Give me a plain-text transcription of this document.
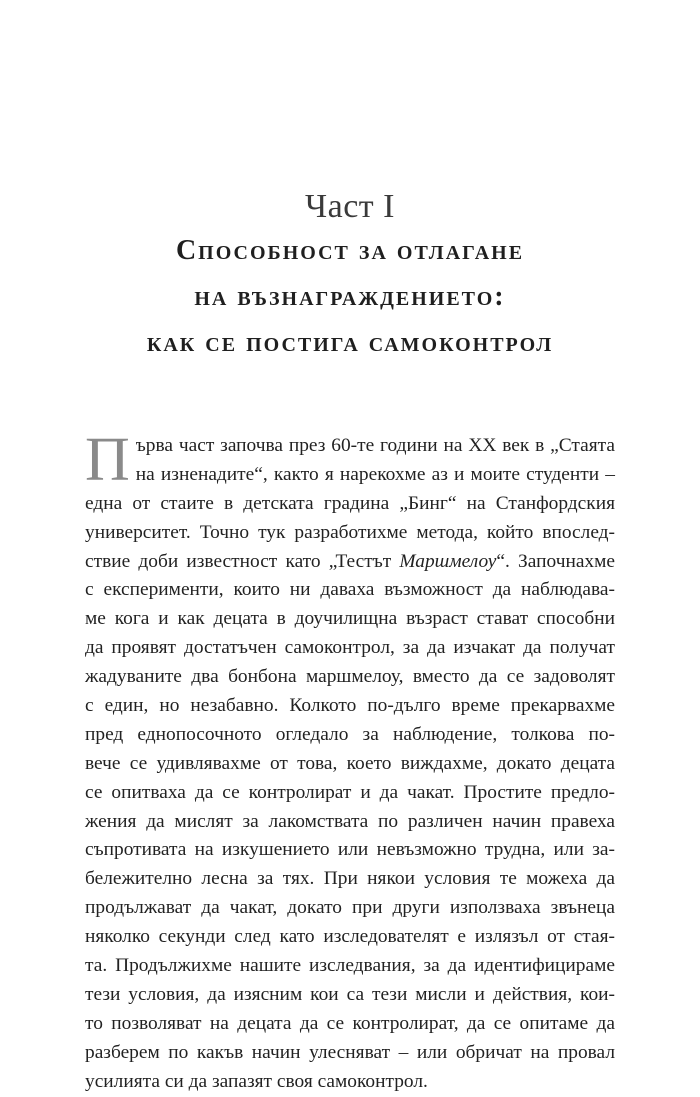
Част I
Способност за отлагане
на възнаграждението:
как се постига самоконтрол
П ърва част започва през 60-те години на XX век в „Стаята
на изненадите“, както я нарекохме аз и моите студенти –
една от стаите в детската градина „Бинг“ на Станфордския
университет. Точно тук разработихме метода, който впослед-
ствие доби известност като „Тестът Маршмелоу“. Започнахме
с експерименти, които ни даваха възможност да наблюдава-
ме кога и как децата в доучилищна възраст стават способни
да проявят достатъчен самоконтрол, за да изчакат да получат
жадуваните два бонбона маршмелоу, вместо да се задоволят
с един, но незабавно. Колкото по-дълго време прекарвахме
пред еднопосочното огледало за наблюдение, толкова по-
вече се удивлявахме от това, което виждахме, докато децата
се опитваха да се контролират и да чакат. Простите предло-
жения да мислят за лакомствата по различен начин правеха
съпротивата на изкушението или невъзможно трудна, или за-
бележително лесна за тях. При някои условия те можеха да
продължават да чакат, докато при други използваха звънеца
няколко секунди след като изследователят е излязъл от стая-
та. Продължихме нашите изследвания, за да идентифицираме
тези условия, да изясним кои са тези мисли и действия, кои-
то позволяват на децата да се контролират, да се опитаме да
разберем по какъв начин улесняват – или обричат на провал
усилията си да запазят своя самоконтрол.
